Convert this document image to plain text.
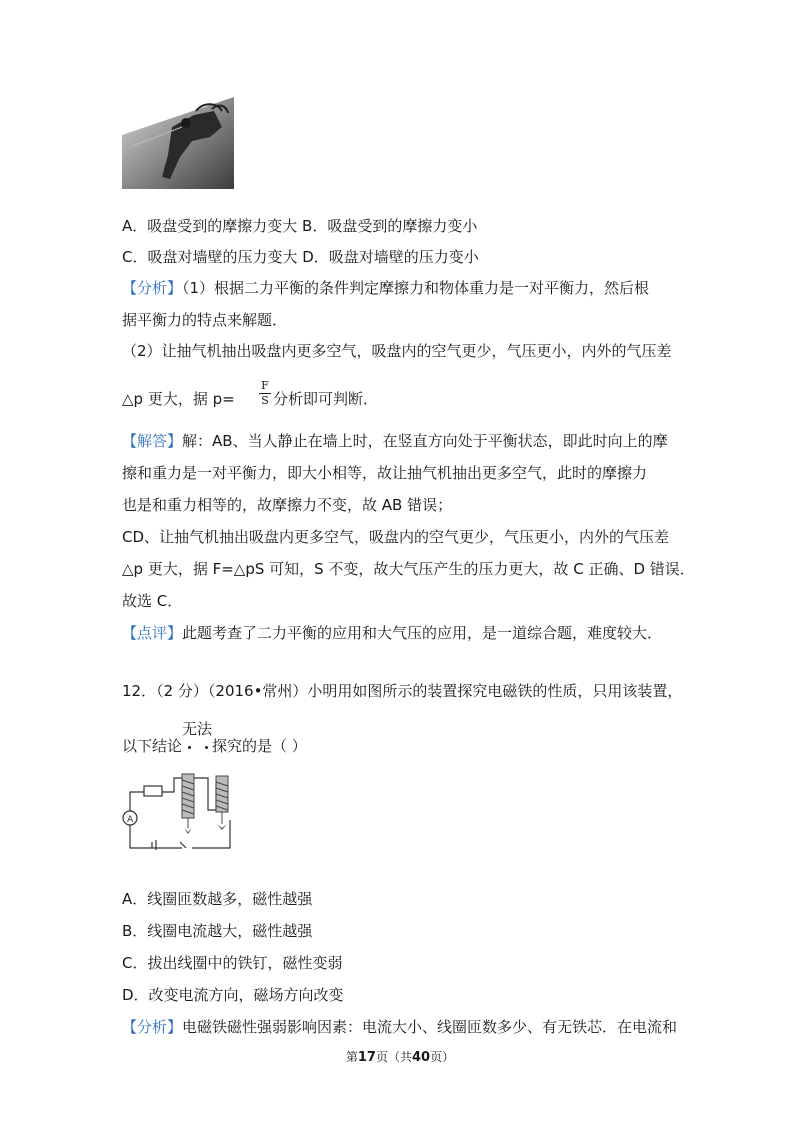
A．吸盘受到的摩擦力变大 B．吸盘受到的摩擦力变小
C．吸盘对墙壁的压力变大 D．吸盘对墙壁的压力变小
【分析】（1）根据二力平衡的条件判定摩擦力和物体重力是一对平衡力，然后根
据平衡力的特点来解题．
（2）让抽气机抽出吸盘内更多空气，吸盘内的空气更少，气压更小，内外的气压差
△p 更大，据 p=
F
S 分析即可判断．
【解答】解：AB、当人静止在墙上时，在竖直方向处于平衡状态，即此时向上的摩
擦和重力是一对平衡力，即大小相等，故让抽气机抽出更多空气，此时的摩擦力
也是和重力相等的，故摩擦力不变，故 AB 错误；
CD、让抽气机抽出吸盘内更多空气，吸盘内的空气更少，气压更小，内外的气压差
△p 更大，据 F=△pS 可知，S 不变，故大气压产生的压力更大，故 C 正确、D 错误．
故选 C．
【点评】此题考查了二力平衡的应用和大气压的应用，是一道综合题，难度较大．
12．（2 分）（2016•常州）小明用如图所示的装置探究电磁铁的性质，只用该装置，
以下结论
无法
探究的是（ ）
A
A．线圈匝数越多，磁性越强
B．线圈电流越大，磁性越强
C．拔出线圈中的铁钉，磁性变弱
D．改变电流方向，磁场方向改变
【分析】电磁铁磁性强弱影响因素：电流大小、线圈匝数多少、有无铁芯．在电流和
第17页（共40页）
